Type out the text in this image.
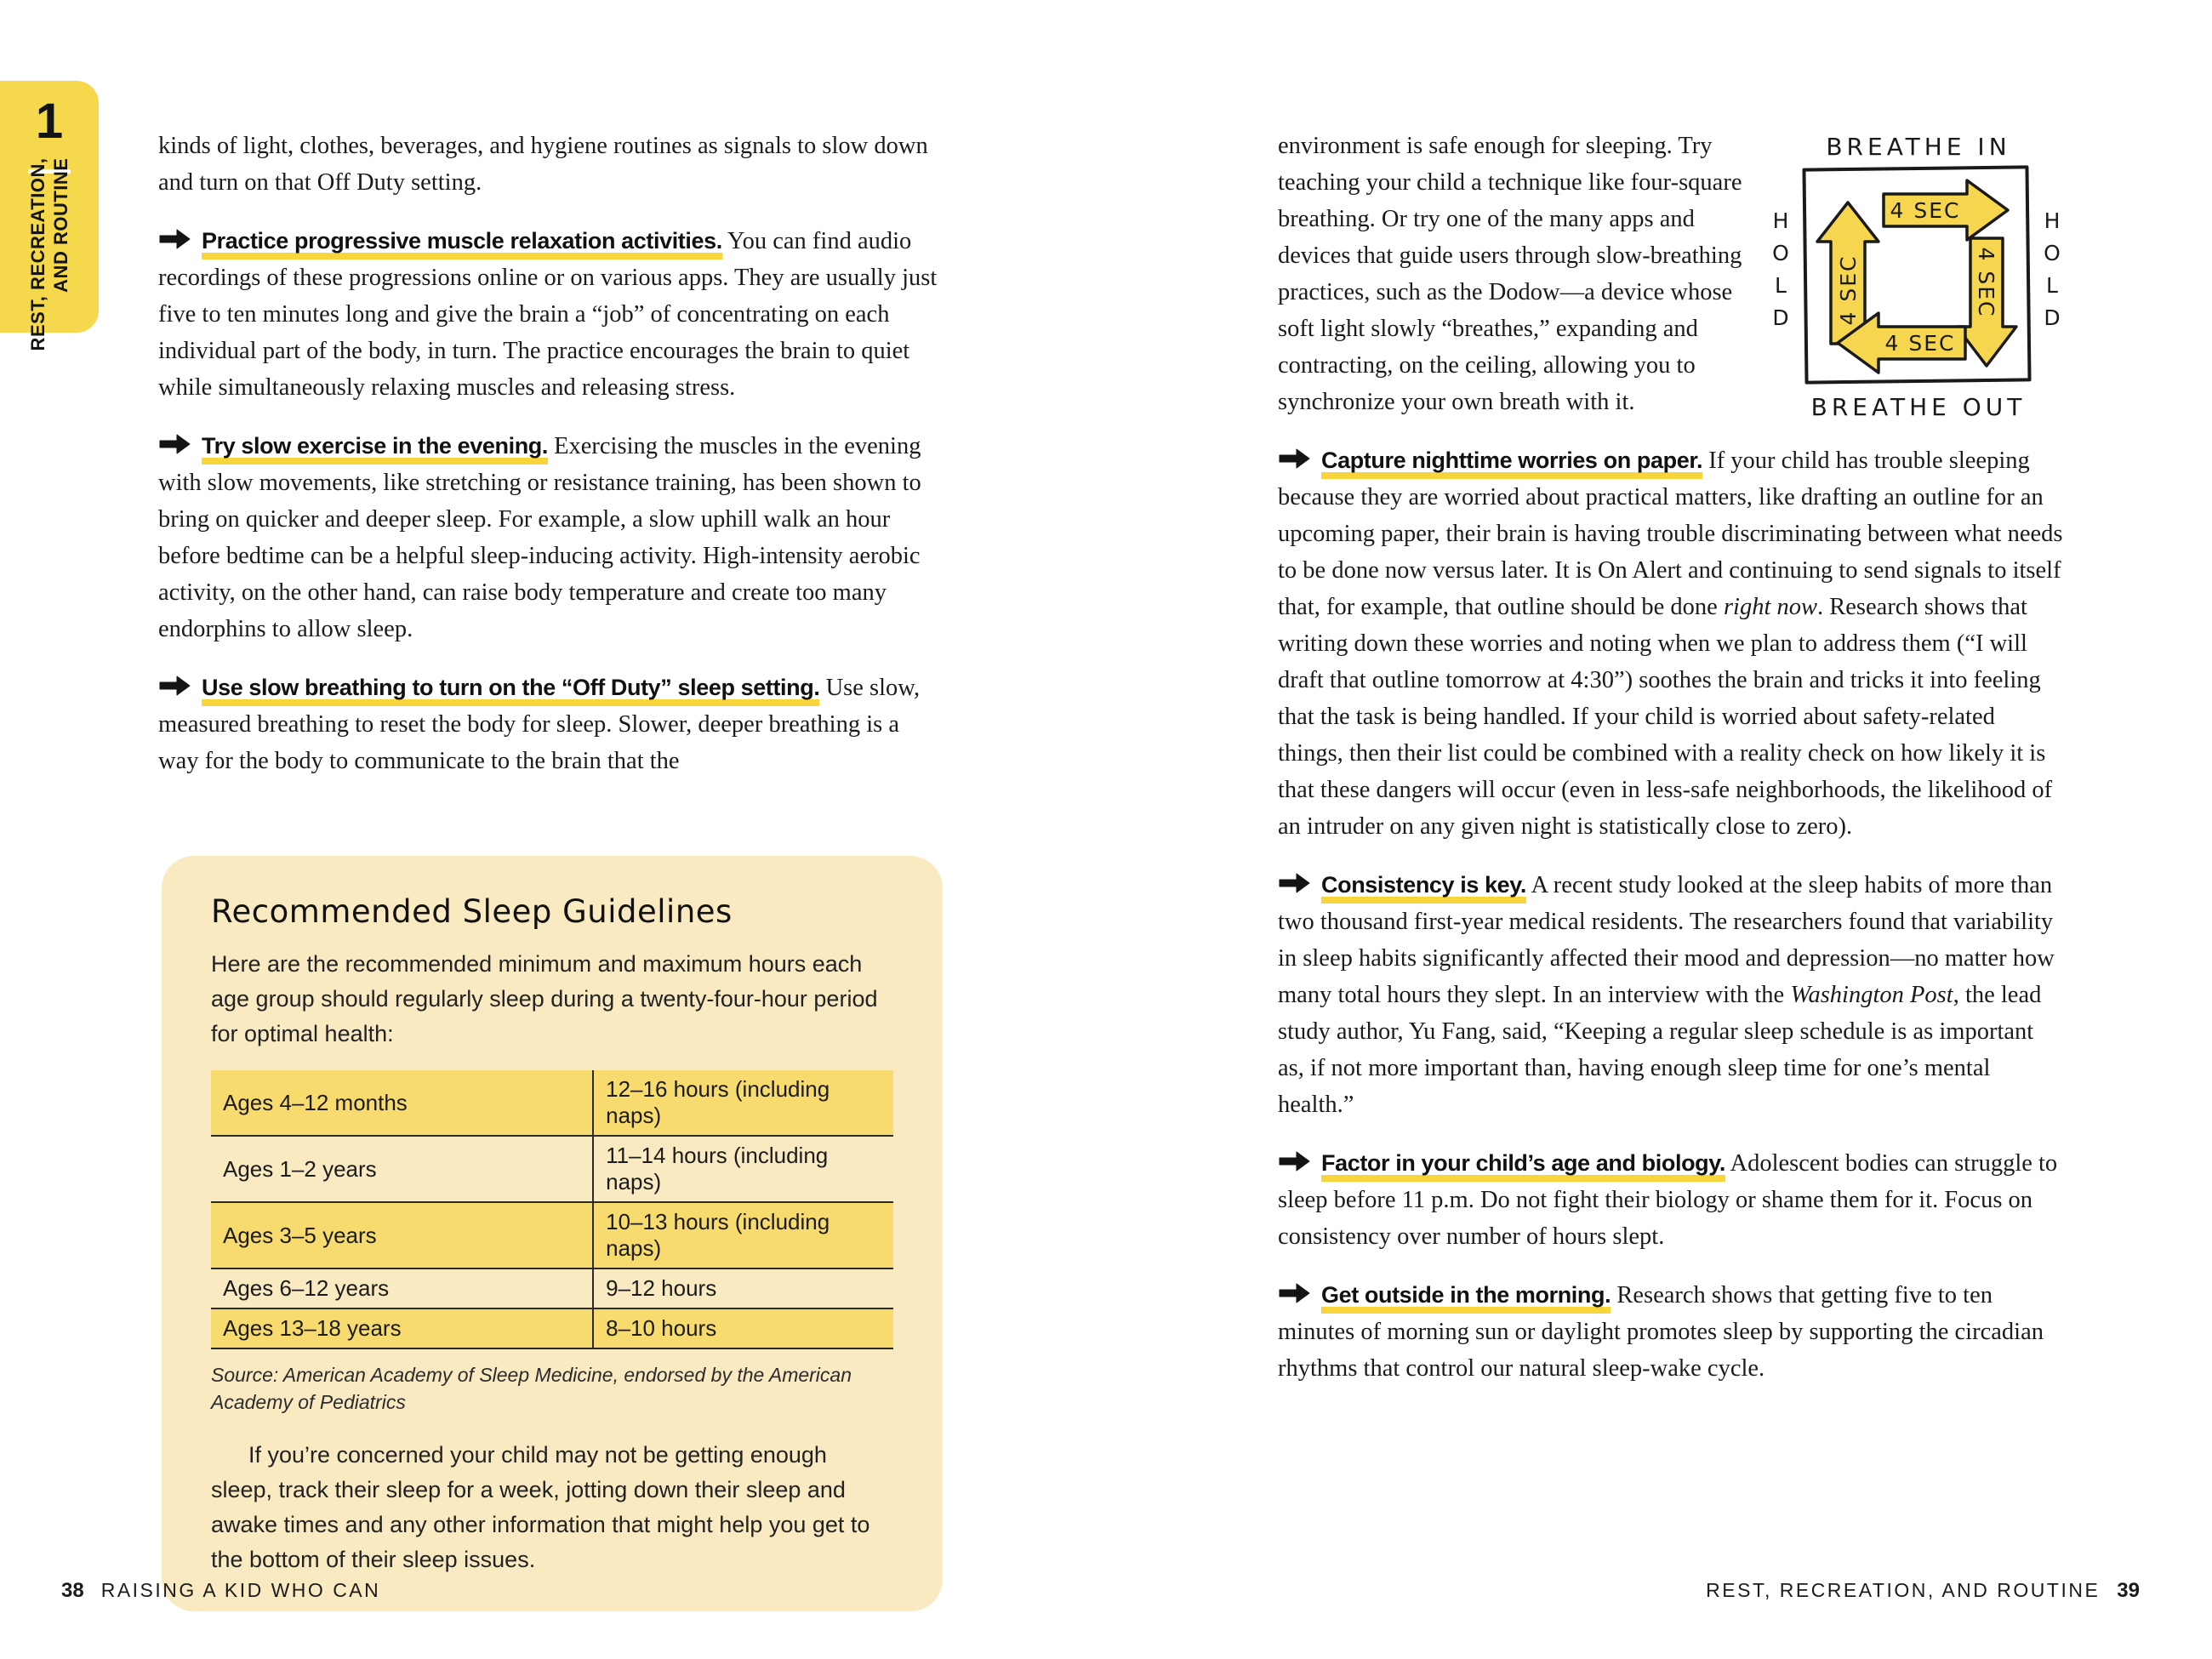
1
REST, RECREATION, AND ROUTINE

kinds of light, clothes, beverages, and hygiene routines as signals to slow down and turn on that Off Duty setting.

Practice progressive muscle relaxation activities. You can find audio recordings of these progressions online or on various apps. They are usually just five to ten minutes long and give the brain a “job” of concentrating on each individual part of the body, in turn. The practice encourages the brain to quiet while simultaneously relaxing muscles and releasing stress.

Try slow exercise in the evening. Exercising the muscles in the evening with slow movements, like stretching or resistance training, has been shown to bring on quicker and deeper sleep. For example, a slow uphill walk an hour before bedtime can be a helpful sleep-inducing activity. High-intensity aerobic activity, on the other hand, can raise body temperature and create too many endorphins to allow sleep.

Use slow breathing to turn on the “Off Duty” sleep setting. Use slow, measured breathing to reset the body for sleep. Slower, deeper breathing is a way for the body to communicate to the brain that the

Recommended Sleep Guidelines

Here are the recommended minimum and maximum hours each age group should regularly sleep during a twenty-four-hour period for optimal health:

Ages 4–12 months	12–16 hours (including naps)
Ages 1–2 years	11–14 hours (including naps)
Ages 3–5 years	10–13 hours (including naps)
Ages 6–12 years	9–12 hours
Ages 13–18 years	8–10 hours

Source: American Academy of Sleep Medicine, endorsed by the American Academy of Pediatrics

If you’re concerned your child may not be getting enough sleep, track their sleep for a week, jotting down their sleep and awake times and any other information that might help you get to the bottom of their sleep issues.

BREATHE IN
H
O
L
D
H
O
L
D
4 SEC
4 SEC
4 SEC
4 SEC
BREATHE OUT

environment is safe enough for sleeping. Try teaching your child a technique like four-square breathing. Or try one of the many apps and devices that guide users through slow-breathing practices, such as the Dodow—a device whose soft light slowly “breathes,” expanding and contracting, on the ceiling, allowing you to synchronize your own breath with it.

Capture nighttime worries on paper. If your child has trouble sleeping because they are worried about practical matters, like drafting an outline for an upcoming paper, their brain is having trouble discriminating between what needs to be done now versus later. It is On Alert and continuing to send signals to itself that, for example, that outline should be done right now. Research shows that writing down these worries and noting when we plan to address them (“I will draft that outline tomorrow at 4:30”) soothes the brain and tricks it into feeling that the task is being handled. If your child is worried about safety-related things, then their list could be combined with a reality check on how likely it is that these dangers will occur (even in less-safe neighborhoods, the likelihood of an intruder on any given night is statistically close to zero).

Consistency is key. A recent study looked at the sleep habits of more than two thousand first-year medical residents. The researchers found that variability in sleep habits significantly affected their mood and depression—no matter how many total hours they slept. In an interview with the Washington Post, the lead study author, Yu Fang, said, “Keeping a regular sleep schedule is as important as, if not more important than, having enough sleep time for one’s mental health.”

Factor in your child’s age and biology. Adolescent bodies can struggle to sleep before 11 p.m. Do not fight their biology or shame them for it. Focus on consistency over number of hours slept.

Get outside in the morning. Research shows that getting five to ten minutes of morning sun or daylight promotes sleep by supporting the circadian rhythms that control our natural sleep-wake cycle.

38 RAISING A KID WHO CAN	REST, RECREATION, AND ROUTINE 39
